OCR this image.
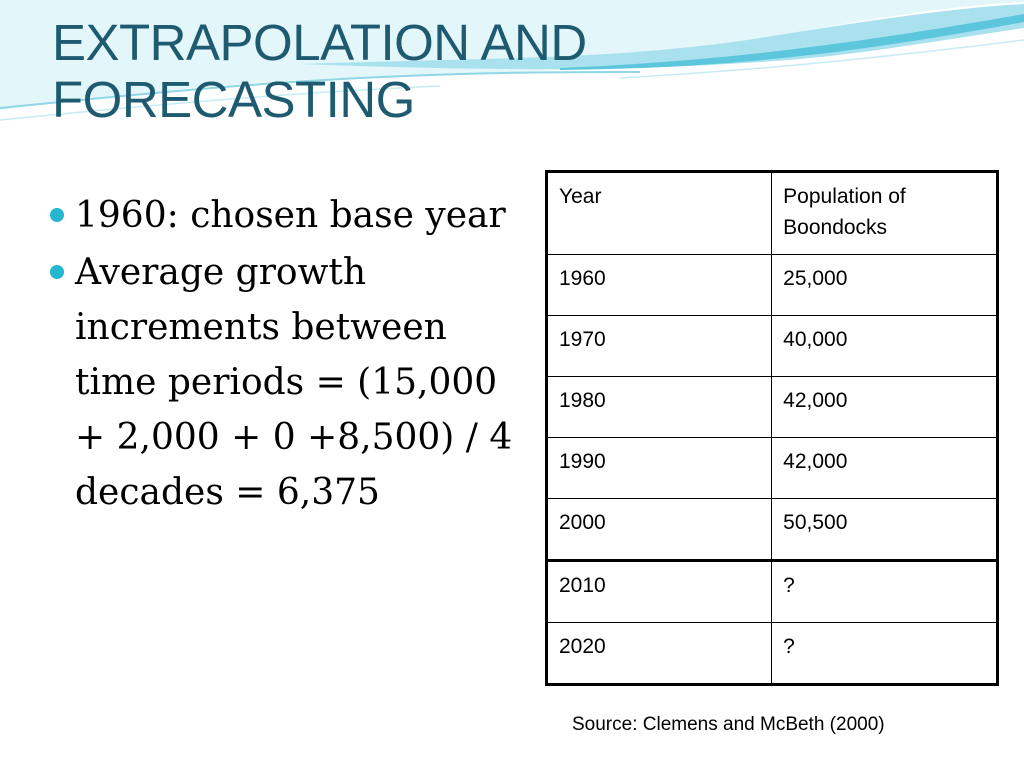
EXTRAPOLATION AND
FORECASTING
1960: chosen base year
Average growth increments between time periods = (15,000 + 2,000 + 0 +8,500) / 4 decades = 6,375
Year	Population of Boondocks
1960	25,000
1970	40,000
1980	42,000
1990	42,000
2000	50,500
2010	?
2020	?
Source: Clemens and McBeth (2000)
